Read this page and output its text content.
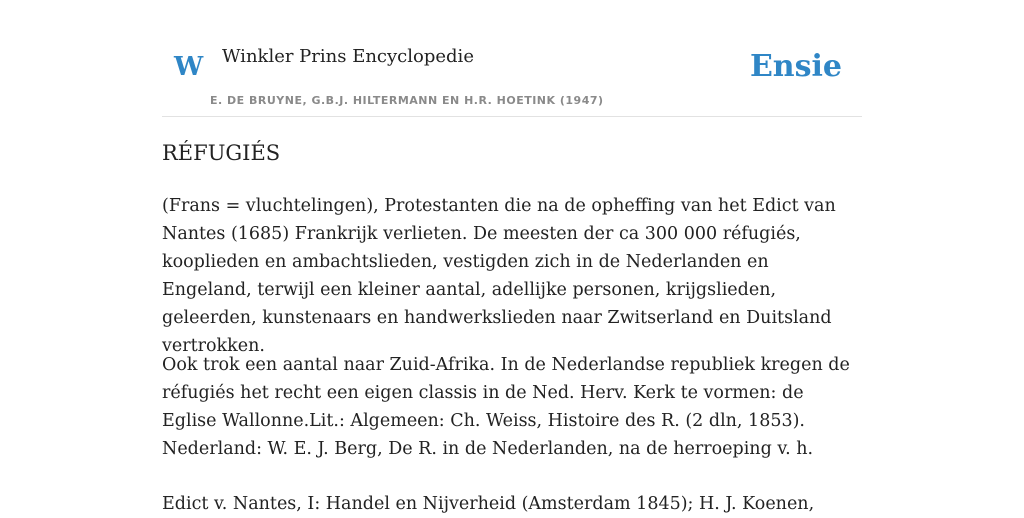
W Winkler Prins Encyclopedie
E. DE BRUYNE, G.B.J. HILTERMANN EN H.R. HOETINK (1947)
Ensie
RÉFUGIÉS

(Frans = vluchtelingen), Protestanten die na de opheffing van het Edict van Nantes (1685) Frankrijk verlieten. De meesten der ca 300 000 réfugiés, kooplieden en ambachtslieden, vestigden zich in de Nederlanden en Engeland, terwijl een kleiner aantal, adellijke personen, krijgslieden, geleerden, kunstenaars en handwerkslieden naar Zwitserland en Duitsland vertrokken.

Ook trok een aantal naar Zuid-Afrika. In de Nederlandse republiek kregen de réfugiés het recht een eigen classis in de Ned. Herv. Kerk te vormen: de Eglise Wallonne.Lit.: Algemeen: Ch. Weiss, Histoire des R. (2 dln, 1853). Nederland: W. E. J. Berg, De R. in de Nederlanden, na de herroeping v. h.

Edict v. Nantes, I: Handel en Nijverheid (Amsterdam 1845); H. J. Koenen,
